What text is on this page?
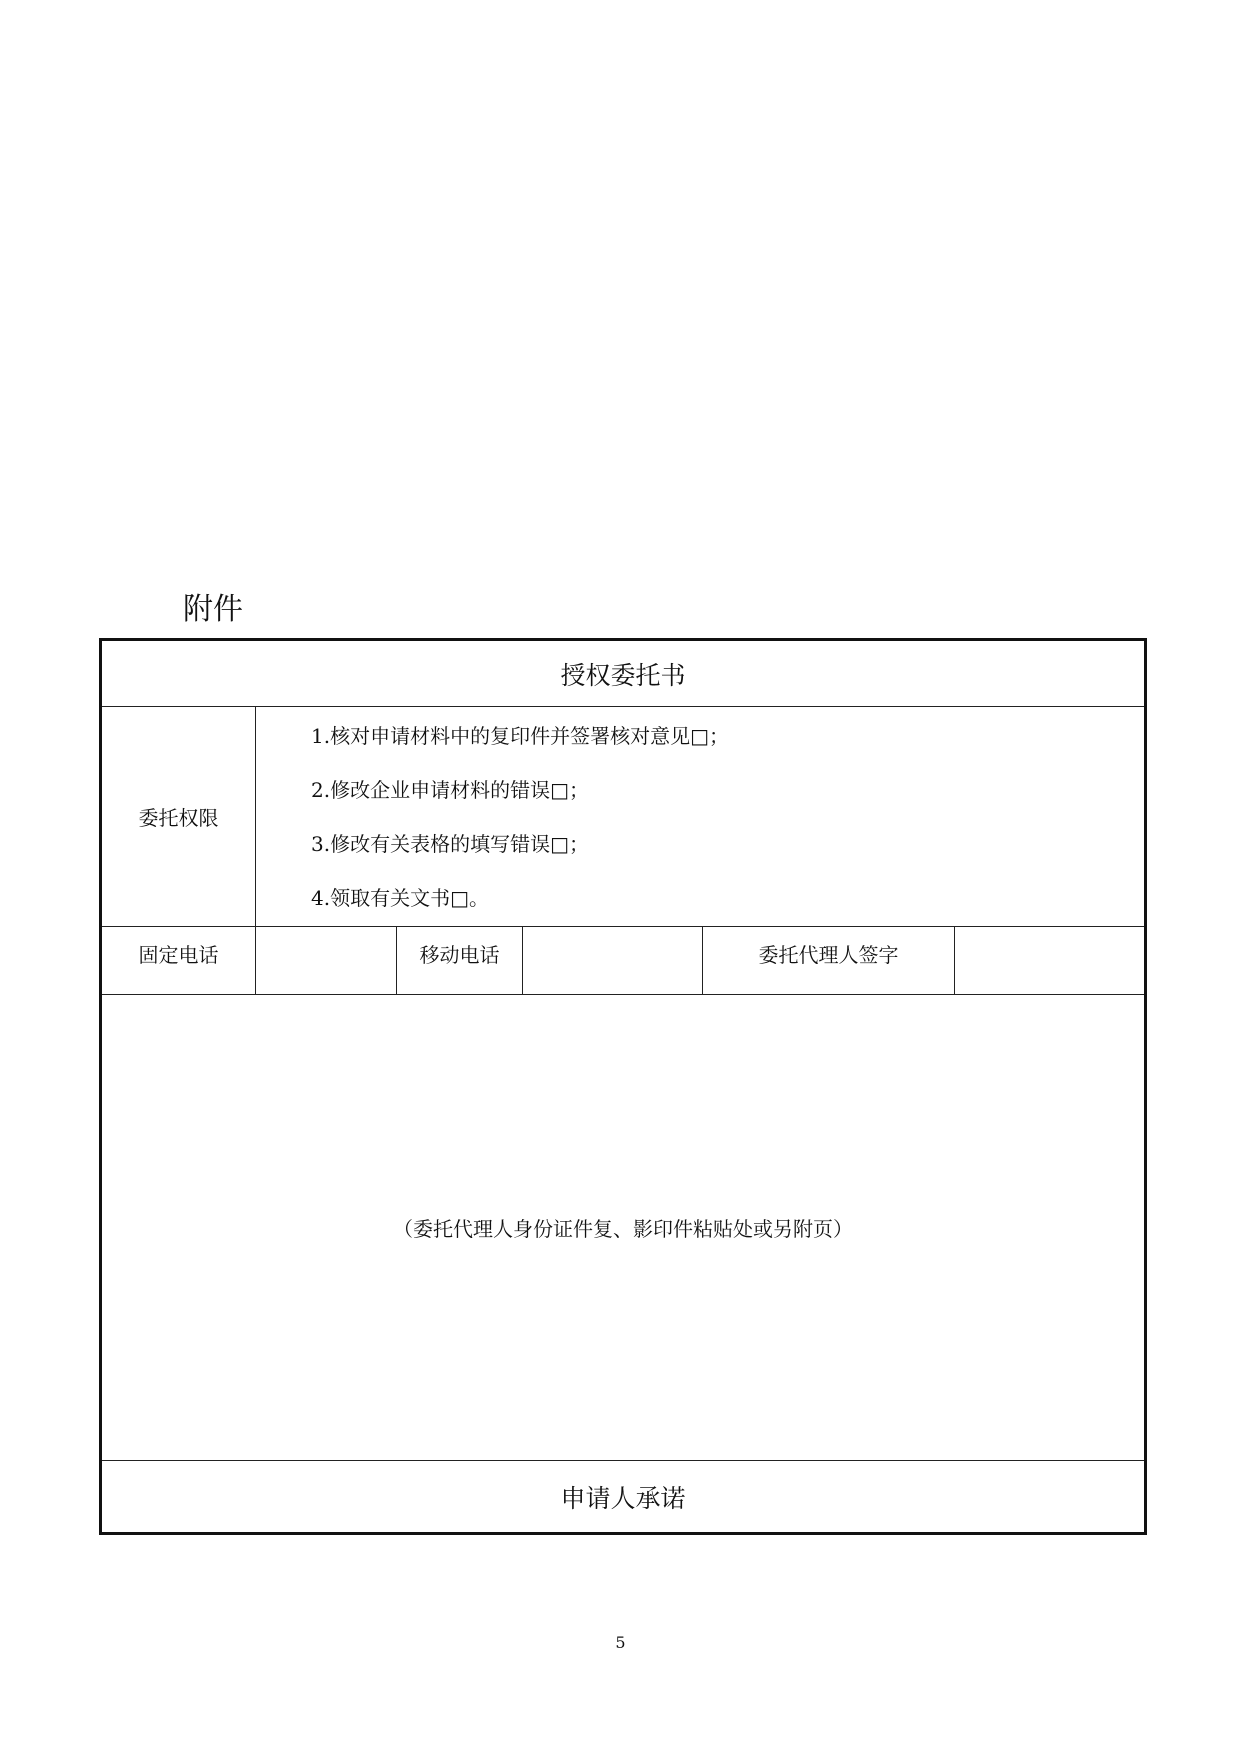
附件
授权委托书					
委托权限	1.核对申请材料中的复印件并签署核对意见□；
2.修改企业申请材料的错误□；
3.修改有关表格的填写错误□；
4.领取有关文书□。				

固定电话		移动电话		委托代理人签字	
（委托代理人身份证件复、影印件粘贴处或另附页）					
申请人承诺					
5
